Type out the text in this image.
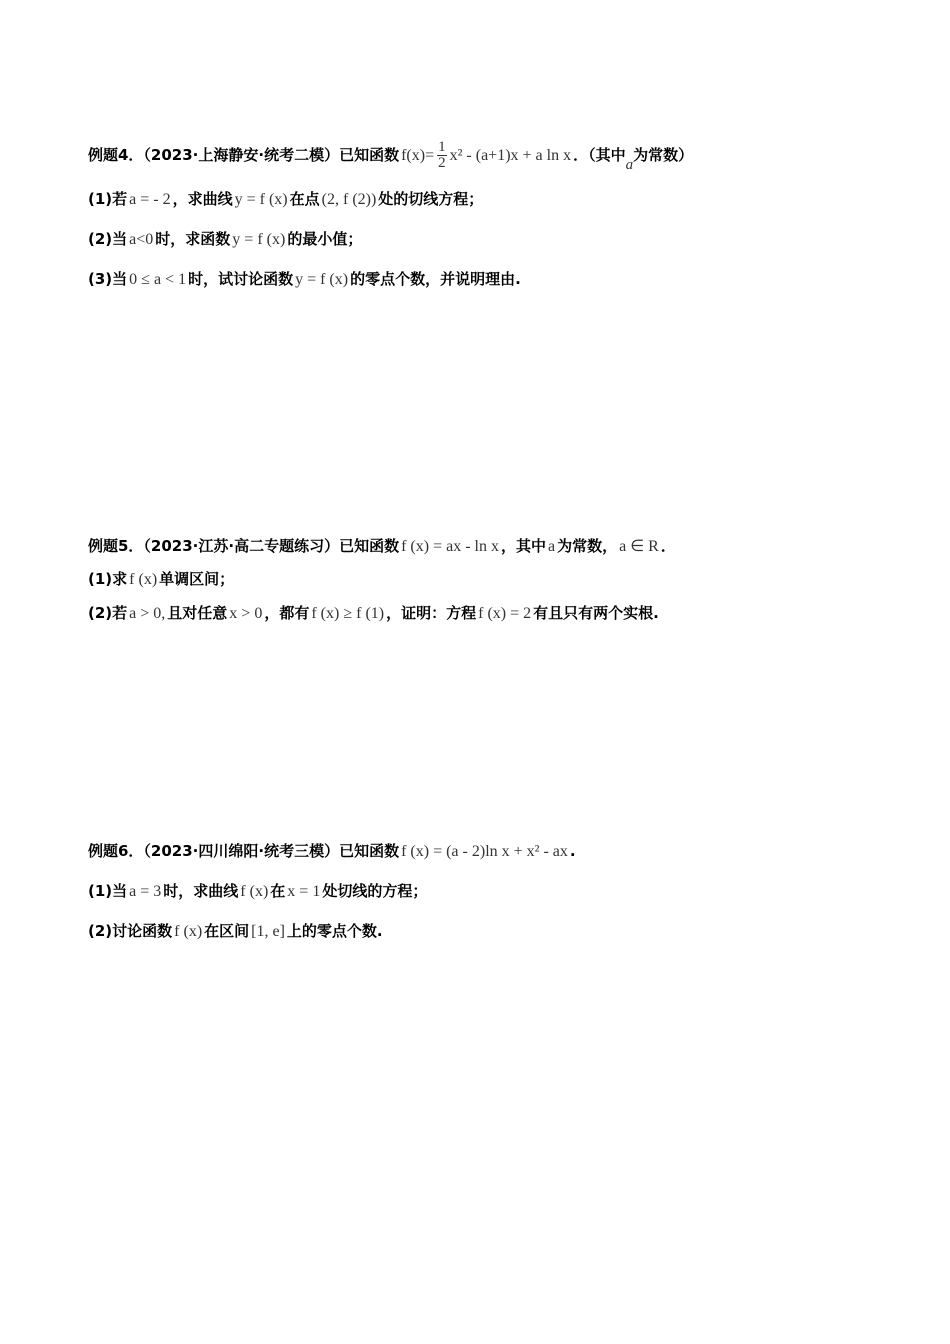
例题4．（2023·上海静安·统考二模）已知函数 $f(x)= \frac{1}{2} x^2 - (a+1)x + a$ ln x ．（其中a为常数）
(1)若 a = - 2 ，求曲线 y = f (x) 在点 (2, f (2)) 处的切线方程；
(2)当 a<0 时，求函数 y = f (x) 的最小值；
(3)当 0 ≤ a < 1 时，试讨论函数 y = f (x) 的零点个数，并说明理由.
例题5．（2023·江苏·高二专题练习）已知函数 f (x) = ax - ln x ，其中 a 为常数， a ∈ R ．
(1)求 f (x) 单调区间；
(2)若 a > 0, 且对任意 x > 0 ，都有 f (x) ≥ f (1) ，证明：方程 f (x) = 2 有且只有两个实根.
例题6．（2023·四川绵阳·统考三模）已知函数 f (x) = (a - 2)ln x + x² - ax .
(1)当 a = 3 时，求曲线 f (x) 在 x = 1 处切线的方程；
(2)讨论函数 f (x) 在区间 [1, e] 上的零点个数.
